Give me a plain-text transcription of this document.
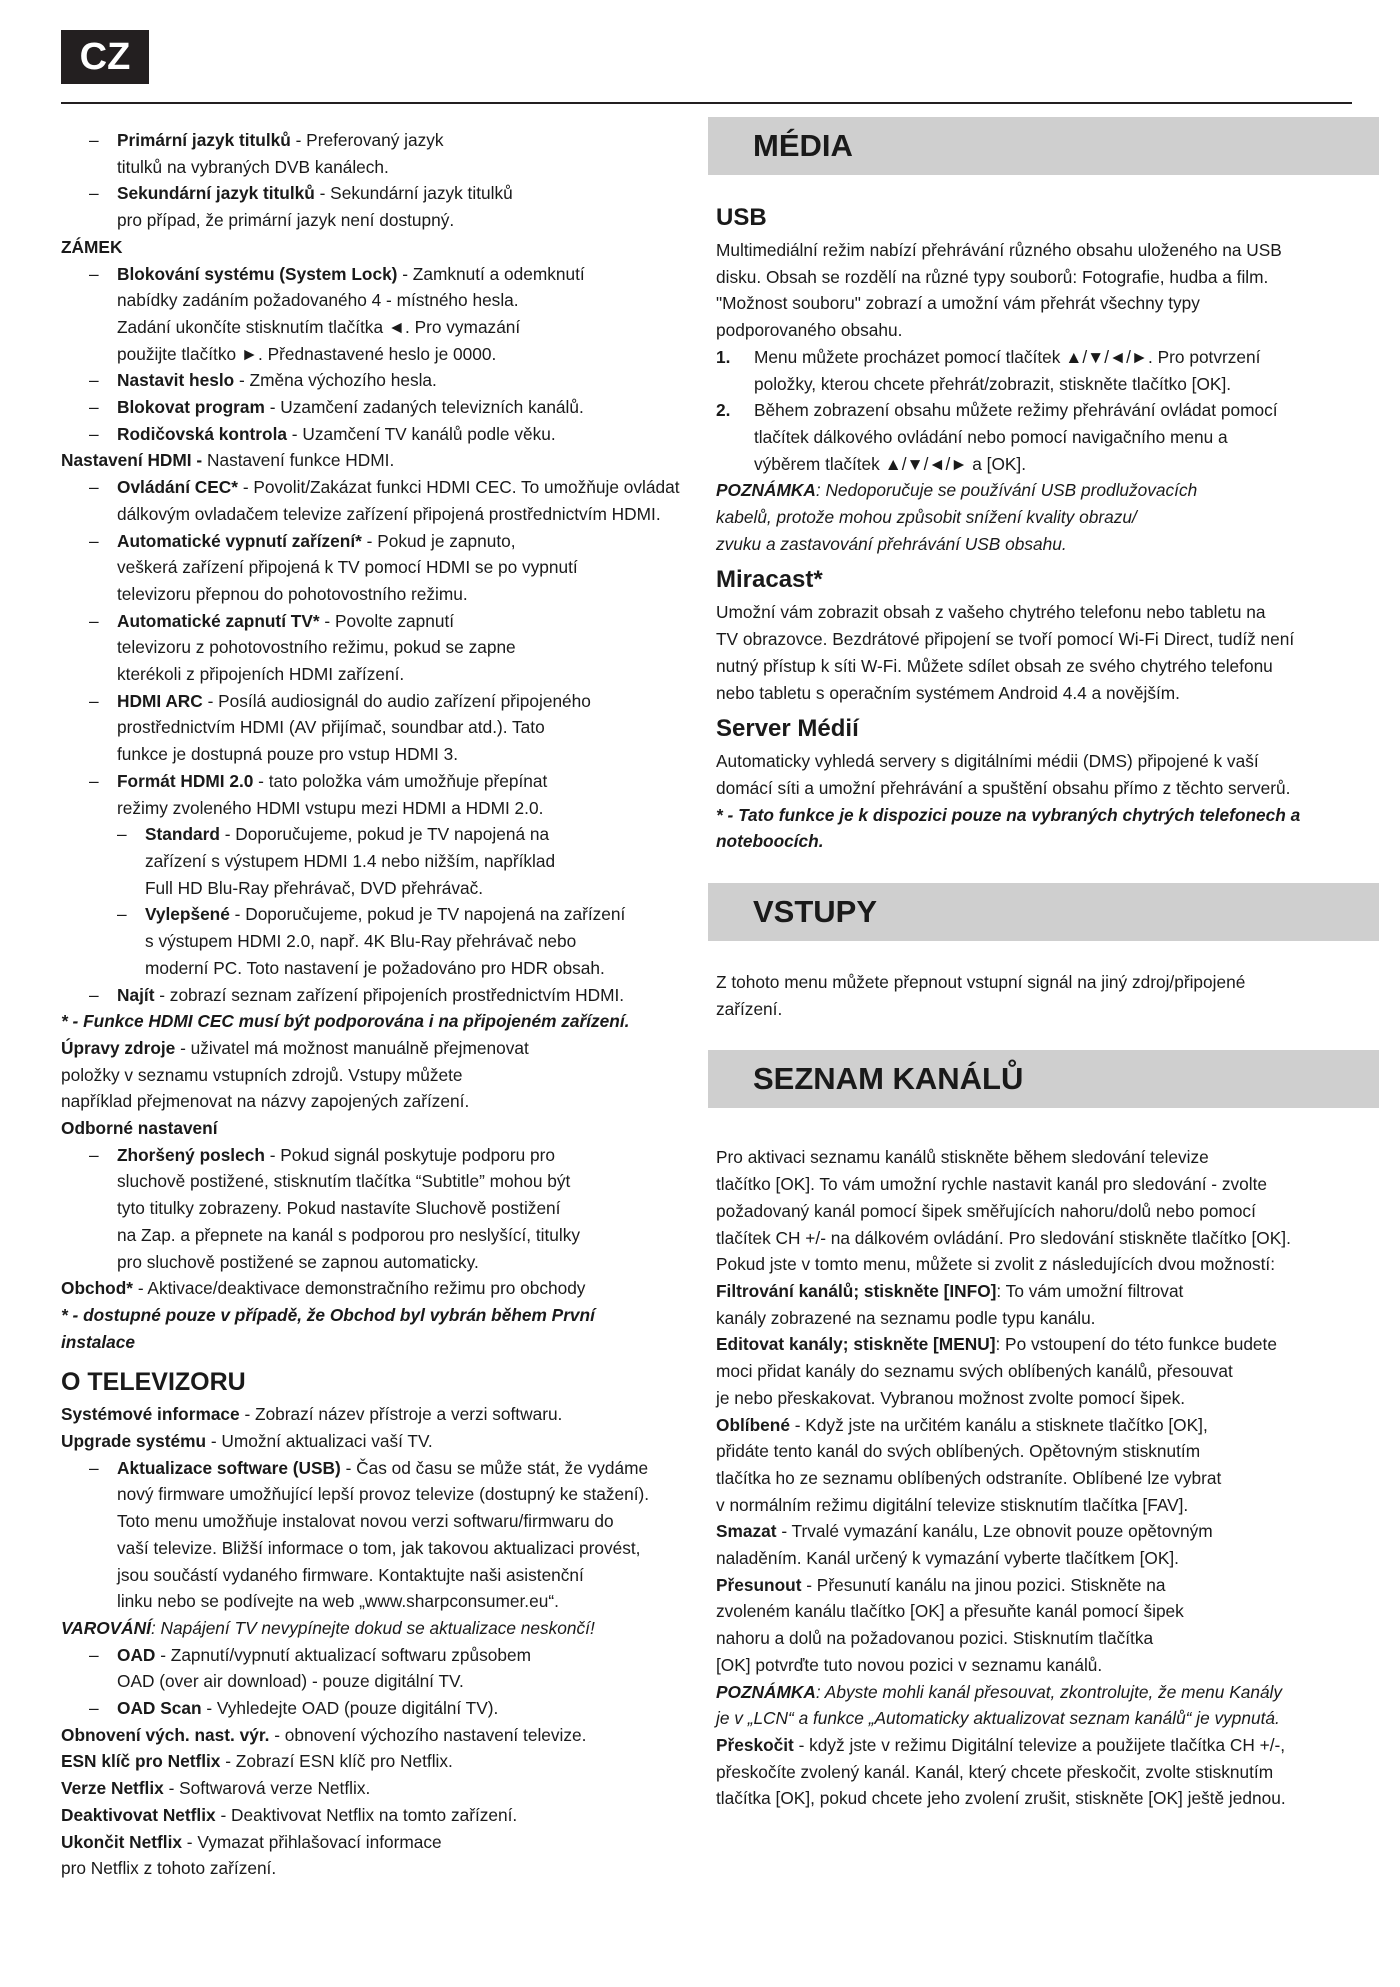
CZ
– Primární jazyk titulků - Preferovaný jazyk
titulků na vybraných DVB kanálech.
– Sekundární jazyk titulků - Sekundární jazyk titulků
pro případ, že primární jazyk není dostupný.
ZÁMEK
– Blokování systému (System Lock) - Zamknutí a odemknutí
nabídky zadáním požadovaného 4 - místného hesla.
Zadání ukončíte stisknutím tlačítka ◄. Pro vymazání
použijte tlačítko ►. Přednastavené heslo je 0000.
– Nastavit heslo - Změna výchozího hesla.
– Blokovat program - Uzamčení zadaných televizních kanálů.
– Rodičovská kontrola - Uzamčení TV kanálů podle věku.
Nastavení HDMI - Nastavení funkce HDMI.
– Ovládání CEC* - Povolit/Zakázat funkci HDMI CEC. To umožňuje ovládat
dálkovým ovladačem televize zařízení připojená prostřednictvím HDMI.
– Automatické vypnutí zařízení* - Pokud je zapnuto,
veškerá zařízení připojená k TV pomocí HDMI se po vypnutí
televizoru přepnou do pohotovostního režimu.
– Automatické zapnutí TV* - Povolte zapnutí
televizoru z pohotovostního režimu, pokud se zapne
kterékoli z připojeních HDMI zařízení.
– HDMI ARC - Posílá audiosignál do audio zařízení připojeného
prostřednictvím HDMI (AV přijímač, soundbar atd.). Tato
funkce je dostupná pouze pro vstup HDMI 3.
– Formát HDMI 2.0 - tato položka vám umožňuje přepínat
režimy zvoleného HDMI vstupu mezi HDMI a HDMI 2.0.
– Standard - Doporučujeme, pokud je TV napojená na
zařízení s výstupem HDMI 1.4 nebo nižším, například
Full HD Blu-Ray přehrávač, DVD přehrávač.
– Vylepšené - Doporučujeme, pokud je TV napojená na zařízení
s výstupem HDMI 2.0, např. 4K Blu-Ray přehrávač nebo
moderní PC. Toto nastavení je požadováno pro HDR obsah.
– Najít - zobrazí seznam zařízení připojeních prostřednictvím HDMI.
* - Funkce HDMI CEC musí být podporována i na připojeném zařízení.
Úpravy zdroje - uživatel má možnost manuálně přejmenovat
položky v seznamu vstupních zdrojů. Vstupy můžete
například přejmenovat na názvy zapojených zařízení.
Odborné nastavení
– Zhoršený poslech - Pokud signál poskytuje podporu pro
sluchově postižené, stisknutím tlačítka “Subtitle” mohou být
tyto titulky zobrazeny. Pokud nastavíte Sluchově postižení
na Zap. a přepnete na kanál s podporou pro neslyšící, titulky
pro sluchově postižené se zapnou automaticky.
Obchod* - Aktivace/deaktivace demonstračního režimu pro obchody
* - dostupné pouze v případě, že Obchod byl vybrán během První
instalace
O TELEVIZORU
Systémové informace - Zobrazí název přístroje a verzi softwaru.
Upgrade systému - Umožní aktualizaci vaší TV.
– Aktualizace software (USB) - Čas od času se může stát, že vydáme
nový firmware umožňující lepší provoz televize (dostupný ke stažení).
Toto menu umožňuje instalovat novou verzi softwaru/firmwaru do
vaší televize. Bližší informace o tom, jak takovou aktualizaci provést,
jsou součástí vydaného firmware. Kontaktujte naši asistenční
linku nebo se podívejte na web „www.sharpconsumer.eu“.
VAROVÁNÍ: Napájení TV nevypínejte dokud se aktualizace neskončí!
– OAD - Zapnutí/vypnutí aktualizací softwaru způsobem
OAD (over air download) - pouze digitální TV.
– OAD Scan - Vyhledejte OAD (pouze digitální TV).
Obnovení vých. nast. výr. - obnovení výchozího nastavení televize.
ESN klíč pro Netflix - Zobrazí ESN klíč pro Netflix.
Verze Netflix - Softwarová verze Netflix.
Deaktivovat Netflix - Deaktivovat Netflix na tomto zařízení.
Ukončit Netflix - Vymazat přihlašovací informace
pro Netflix z tohoto zařízení.
MÉDIA
USB
Multimediální režim nabízí přehrávání různého obsahu uloženého na USB
disku. Obsah se rozdělí na různé typy souborů: Fotografie, hudba a film.
"Možnost souboru" zobrazí a umožní vám přehrát všechny typy
podporovaného obsahu.
1. Menu můžete procházet pomocí tlačítek ▲/▼/◄/►. Pro potvrzení
položky, kterou chcete přehrát/zobrazit, stiskněte tlačítko [OK].
2. Během zobrazení obsahu můžete režimy přehrávání ovládat pomocí
tlačítek dálkového ovládání nebo pomocí navigačního menu a
výběrem tlačítek ▲/▼/◄/► a [OK].
POZNÁMKA: Nedoporučuje se používání USB prodlužovacích
kabelů, protože mohou způsobit snížení kvality obrazu/
zvuku a zastavování přehrávání USB obsahu.
Miracast*
Umožní vám zobrazit obsah z vašeho chytrého telefonu nebo tabletu na
TV obrazovce. Bezdrátové připojení se tvoří pomocí Wi-Fi Direct, tudíž není
nutný přístup k síti W-Fi. Můžete sdílet obsah ze svého chytrého telefonu
nebo tabletu s operačním systémem Android 4.4 a novějším.
Server Médií
Automaticky vyhledá servery s digitálními médii (DMS) připojené k vaší
domácí síti a umožní přehrávání a spuštění obsahu přímo z těchto serverů.
* - Tato funkce je k dispozici pouze na vybraných chytrých telefonech a
noteboocích.
VSTUPY
Z tohoto menu můžete přepnout vstupní signál na jiný zdroj/připojené
zařízení.
SEZNAM KANÁLŮ
Pro aktivaci seznamu kanálů stiskněte během sledování televize
tlačítko [OK]. To vám umožní rychle nastavit kanál pro sledování - zvolte
požadovaný kanál pomocí šipek směřujících nahoru/dolů nebo pomocí
tlačítek CH +/- na dálkovém ovládání. Pro sledování stiskněte tlačítko [OK].
Pokud jste v tomto menu, můžete si zvolit z následujících dvou možností:
Filtrování kanálů; stiskněte [INFO]: To vám umožní filtrovat
kanály zobrazené na seznamu podle typu kanálu.
Editovat kanály; stiskněte [MENU]: Po vstoupení do této funkce budete
moci přidat kanály do seznamu svých oblíbených kanálů, přesouvat
je nebo přeskakovat. Vybranou možnost zvolte pomocí šipek.
Oblíbené - Když jste na určitém kanálu a stisknete tlačítko [OK],
přidáte tento kanál do svých oblíbených. Opětovným stisknutím
tlačítka ho ze seznamu oblíbených odstraníte. Oblíbené lze vybrat
v normálním režimu digitální televize stisknutím tlačítka [FAV].
Smazat - Trvalé vymazání kanálu, Lze obnovit pouze opětovným
naladěním. Kanál určený k vymazání vyberte tlačítkem [OK].
Přesunout - Přesunutí kanálu na jinou pozici. Stiskněte na
zvoleném kanálu tlačítko [OK] a přesuňte kanál pomocí šipek
nahoru a dolů na požadovanou pozici. Stisknutím tlačítka
[OK] potvrďte tuto novou pozici v seznamu kanálů.
POZNÁMKA: Abyste mohli kanál přesouvat, zkontrolujte, že menu Kanály
je v „LCN“ a funkce „Automaticky aktualizovat seznam kanálů“ je vypnutá.
Přeskočit - když jste v režimu Digitální televize a použijete tlačítka CH +/-,
přeskočíte zvolený kanál. Kanál, který chcete přeskočit, zvolte stisknutím
tlačítka [OK], pokud chcete jeho zvolení zrušit, stiskněte [OK] ještě jednou.
